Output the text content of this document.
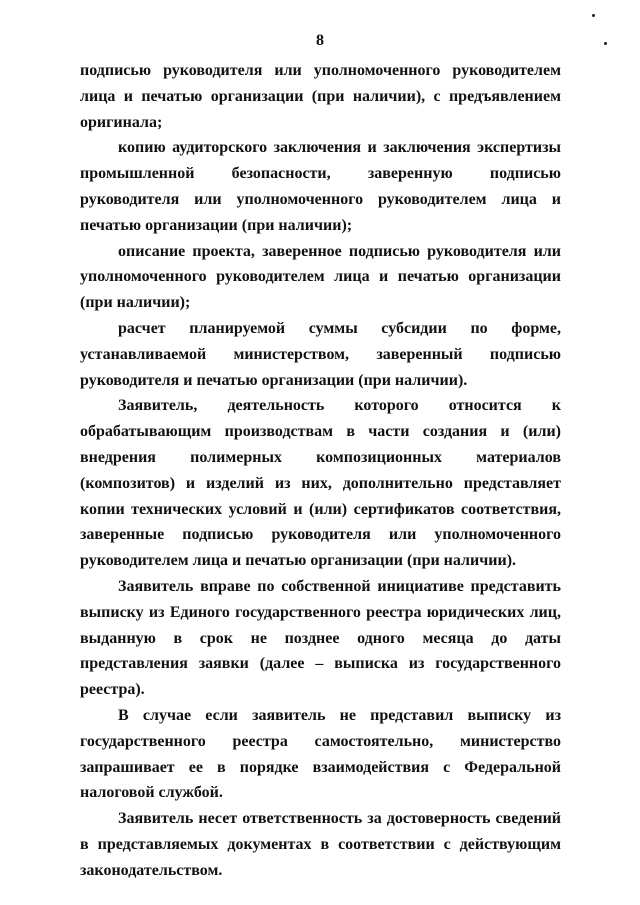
8

подписью руководителя или уполномоченного руководителем лица и печатью организации (при наличии), с предъявлением оригинала;

копию аудиторского заключения и заключения экспертизы промышленной безопасности, заверенную подписью руководителя или уполномоченного руководителем лица и печатью организации (при наличии);

описание проекта, заверенное подписью руководителя или уполномоченного руководителем лица и печатью организации (при наличии);

расчет планируемой суммы субсидии по форме, устанавливаемой министерством, заверенный подписью руководителя и печатью организации (при наличии).

Заявитель, деятельность которого относится к обрабатывающим производствам в части создания и (или) внедрения полимерных композиционных материалов (композитов) и изделий из них, дополнительно представляет копии технических условий и (или) сертификатов соответствия, заверенные подписью руководителя или уполномоченного руководителем лица и печатью организации (при наличии).

Заявитель вправе по собственной инициативе представить выписку из Единого государственного реестра юридических лиц, выданную в срок не позднее одного месяца до даты представления заявки (далее – выписка из государственного реестра).

В случае если заявитель не представил выписку из государственного реестра самостоятельно, министерство запрашивает ее в порядке взаимодействия с Федеральной налоговой службой.

Заявитель несет ответственность за достоверность сведений в представляемых документах в соответствии с действующим законодательством.
